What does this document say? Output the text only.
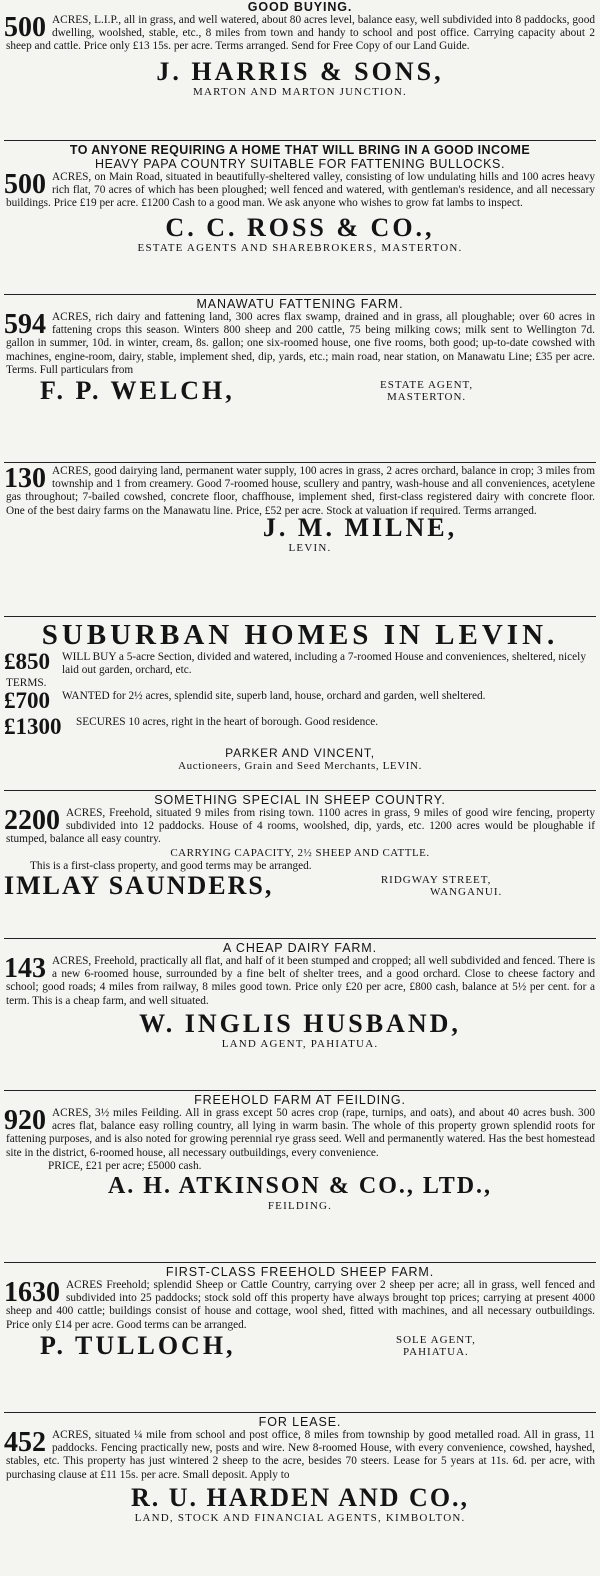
GOOD BUYING.
500 ACRES, L.I.P., all in grass, and well watered, about 80 acres level, balance easy, well subdivided into 8 paddocks, good dwelling, woolshed, stable, etc., 8 miles from town and handy to school and post office. Carrying capacity about 2 sheep and cattle. Price only £13 15s. per acre. Terms arranged. Send for Free Copy of our Land Guide.
J. HARRIS & SONS,
MARTON AND MARTON JUNCTION.
TO ANYONE REQUIRING A HOME THAT WILL BRING IN A GOOD INCOME
HEAVY PAPA COUNTRY SUITABLE FOR FATTENING BULLOCKS.
500 ACRES, on Main Road, situated in beautifully-sheltered valley, consisting of low undulating hills and 100 acres heavy rich flat, 70 acres of which has been ploughed; well fenced and watered, with gentleman's residence, and all necessary buildings. Price £19 per acre. £1200 Cash to a good man. We ask anyone who wishes to grow fat lambs to inspect.
C. C. ROSS & CO.,
ESTATE AGENTS AND SHAREBROKERS, MASTERTON.
MANAWATU FATTENING FARM.
594 ACRES, rich dairy and fattening land, 300 acres flax swamp, drained and in grass, all ploughable; over 60 acres in fattening crops this season. Winters 800 sheep and 200 cattle, 75 being milking cows; milk sent to Wellington 7d. gallon in summer, 10d. in winter, cream, 8s. gallon; one six-roomed house, one five rooms, both good; up-to-date cowshed with machines, engine-room, dairy, stable, implement shed, dip, yards, etc.; main road, near station, on Manawatu Line; £35 per acre. Terms. Full particulars from
F. P. WELCH,	ESTATE AGENT,
MASTERTON.
130 ACRES, good dairying land, permanent water supply, 100 acres in grass, 2 acres orchard, balance in crop; 3 miles from township and 1 from creamery. Good 7-roomed house, scullery and pantry, wash-house and all conveniences, acetylene gas throughout; 7-bailed cowshed, concrete floor, chaffhouse, implement shed, first-class registered dairy with concrete floor. One of the best dairy farms on the Manawatu line. Price, £52 per acre. Stock at valuation if required. Terms arranged.
J. M. MILNE,
LEVIN.
SUBURBAN HOMES IN LEVIN.
£850	WILL BUY a 5-acre Section, divided and watered, including a 7-roomed House and conveniences, sheltered, nicely laid out garden, orchard, etc.
TERMS.
£700	WANTED for 2½ acres, splendid site, superb land, house, orchard and garden, well sheltered.
£1300	SECURES 10 acres, right in the heart of borough. Good residence.
PARKER AND VINCENT,
Auctioneers, Grain and Seed Merchants, LEVIN.
SOMETHING SPECIAL IN SHEEP COUNTRY.
2200 ACRES, Freehold, situated 9 miles from rising town. 1100 acres in grass, 9 miles of good wire fencing, property subdivided into 12 paddocks. House of 4 rooms, woolshed, dip, yards, etc. 1200 acres would be ploughable if stumped, balance all easy country.
CARRYING CAPACITY, 2½ SHEEP AND CATTLE.
This is a first-class property, and good terms may be arranged.
IMLAY SAUNDERS,	RIDGWAY STREET,
WANGANUI.
A CHEAP DAIRY FARM.
143 ACRES, Freehold, practically all flat, and half of it been stumped and cropped; all well subdivided and fenced. There is a new 6-roomed house, surrounded by a fine belt of shelter trees, and a good orchard. Close to cheese factory and school; good roads; 4 miles from railway, 8 miles good town. Price only £20 per acre, £800 cash, balance at 5½ per cent. for a term. This is a cheap farm, and well situated.
W. INGLIS HUSBAND,
LAND AGENT, PAHIATUA.
FREEHOLD FARM AT FEILDING.
920 ACRES, 3½ miles Feilding. All in grass except 50 acres crop (rape, turnips, and oats), and about 40 acres bush. 300 acres flat, balance easy rolling country, all lying in warm basin. The whole of this property grown splendid roots for fattening purposes, and is also noted for growing perennial rye grass seed. Well and permanently watered. Has the best homestead site in the district, 6-roomed house, all necessary outbuildings, every convenience.
PRICE, £21 per acre; £5000 cash.
A. H. ATKINSON & CO., LTD.,
FEILDING.
FIRST-CLASS FREEHOLD SHEEP FARM.
1630 ACRES Freehold; splendid Sheep or Cattle Country, carrying over 2 sheep per acre; all in grass, well fenced and subdivided into 25 paddocks; stock sold off this property have always brought top prices; carrying at present 4000 sheep and 400 cattle; buildings consist of house and cottage, wool shed, fitted with machines, and all necessary outbuildings. Price only £14 per acre. Good terms can be arranged.
P. TULLOCH,	SOLE AGENT,
PAHIATUA.
FOR LEASE.
452 ACRES, situated ¼ mile from school and post office, 8 miles from township by good metalled road. All in grass, 11 paddocks. Fencing practically new, posts and wire. New 8-roomed House, with every convenience, cowshed, hayshed, stables, etc. This property has just wintered 2 sheep to the acre, besides 70 steers. Lease for 5 years at 11s. 6d. per acre, with purchasing clause at £11 15s. per acre. Small deposit. Apply to
R. U. HARDEN AND CO.,
LAND, STOCK AND FINANCIAL AGENTS, KIMBOLTON.
